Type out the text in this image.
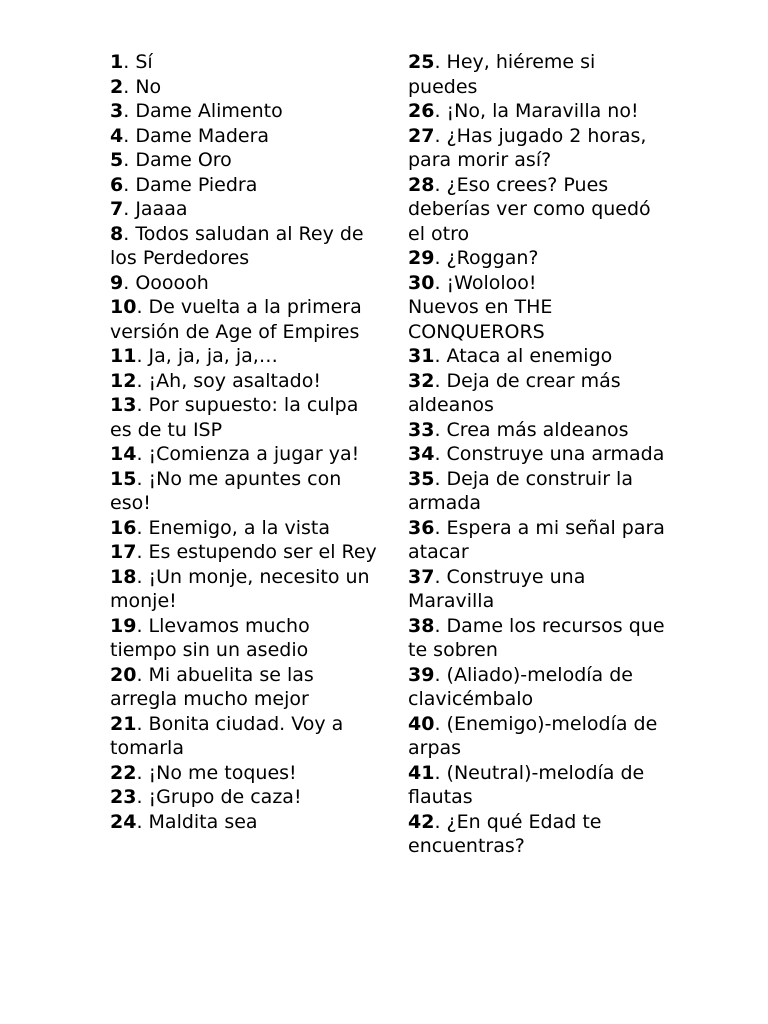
1. Sí

2. No

3. Dame Alimento

4. Dame Madera

5. Dame Oro

6. Dame Piedra

7. Jaaaa

8. Todos saludan al Rey de los Perdedores

9. Oooooh

10. De vuelta a la primera versión de Age of Empires

11. Ja, ja, ja, ja,…

12. ¡Ah, soy asaltado!

13. Por supuesto: la culpa es de tu ISP

14. ¡Comienza a jugar ya!

15. ¡No me apuntes con eso!

16. Enemigo, a la vista

17. Es estupendo ser el Rey

18. ¡Un monje, necesito un monje!

19. Llevamos mucho tiempo sin un asedio

20. Mi abuelita se las arregla mucho mejor

21. Bonita ciudad. Voy a tomarla

22. ¡No me toques!

23. ¡Grupo de caza!

24. Maldita sea

25. Hey, hiéreme si puedes

26. ¡No, la Maravilla no!

27. ¿Has jugado 2 horas, para morir así?

28. ¿Eso crees? Pues deberías ver como quedó el otro

29. ¿Roggan?

30. ¡Wololoo!

Nuevos en THE CONQUERORS

31. Ataca al enemigo

32. Deja de crear más aldeanos

33. Crea más aldeanos

34. Construye una armada

35. Deja de construir la armada

36. Espera a mi señal para atacar

37. Construye una Maravilla

38. Dame los recursos que te sobren

39. (Aliado)-melodía de clavicémbalo

40. (Enemigo)-melodía de arpas

41. (Neutral)-melodía de flautas

42. ¿En qué Edad te encuentras?
